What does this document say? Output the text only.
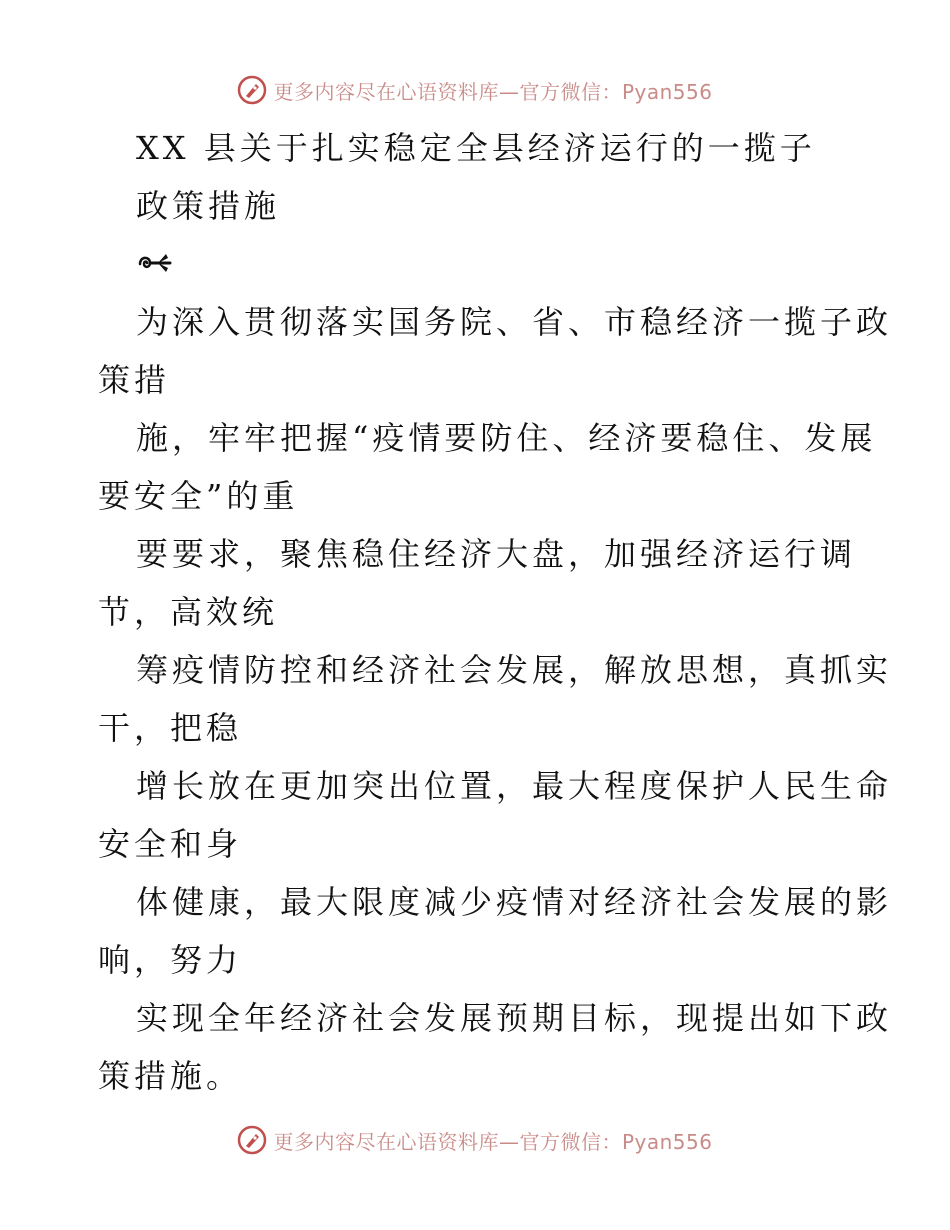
更多内容尽在心语资料库—官方微信：Pyan556
XX 县关于扎实稳定全县经济运行的一揽子
政策措施
为深入贯彻落实国务院、省、市稳经济一揽子政
策措
施，牢牢把握“疫情要防住、经济要稳住、发展
要安全”的重
要要求，聚焦稳住经济大盘，加强经济运行调
节，高效统
筹疫情防控和经济社会发展，解放思想，真抓实
干，把稳
增长放在更加突出位置，最大程度保护人民生命
安全和身
体健康，最大限度减少疫情对经济社会发展的影
响，努力
实现全年经济社会发展预期目标，现提出如下政
策措施。
更多内容尽在心语资料库—官方微信：Pyan556
